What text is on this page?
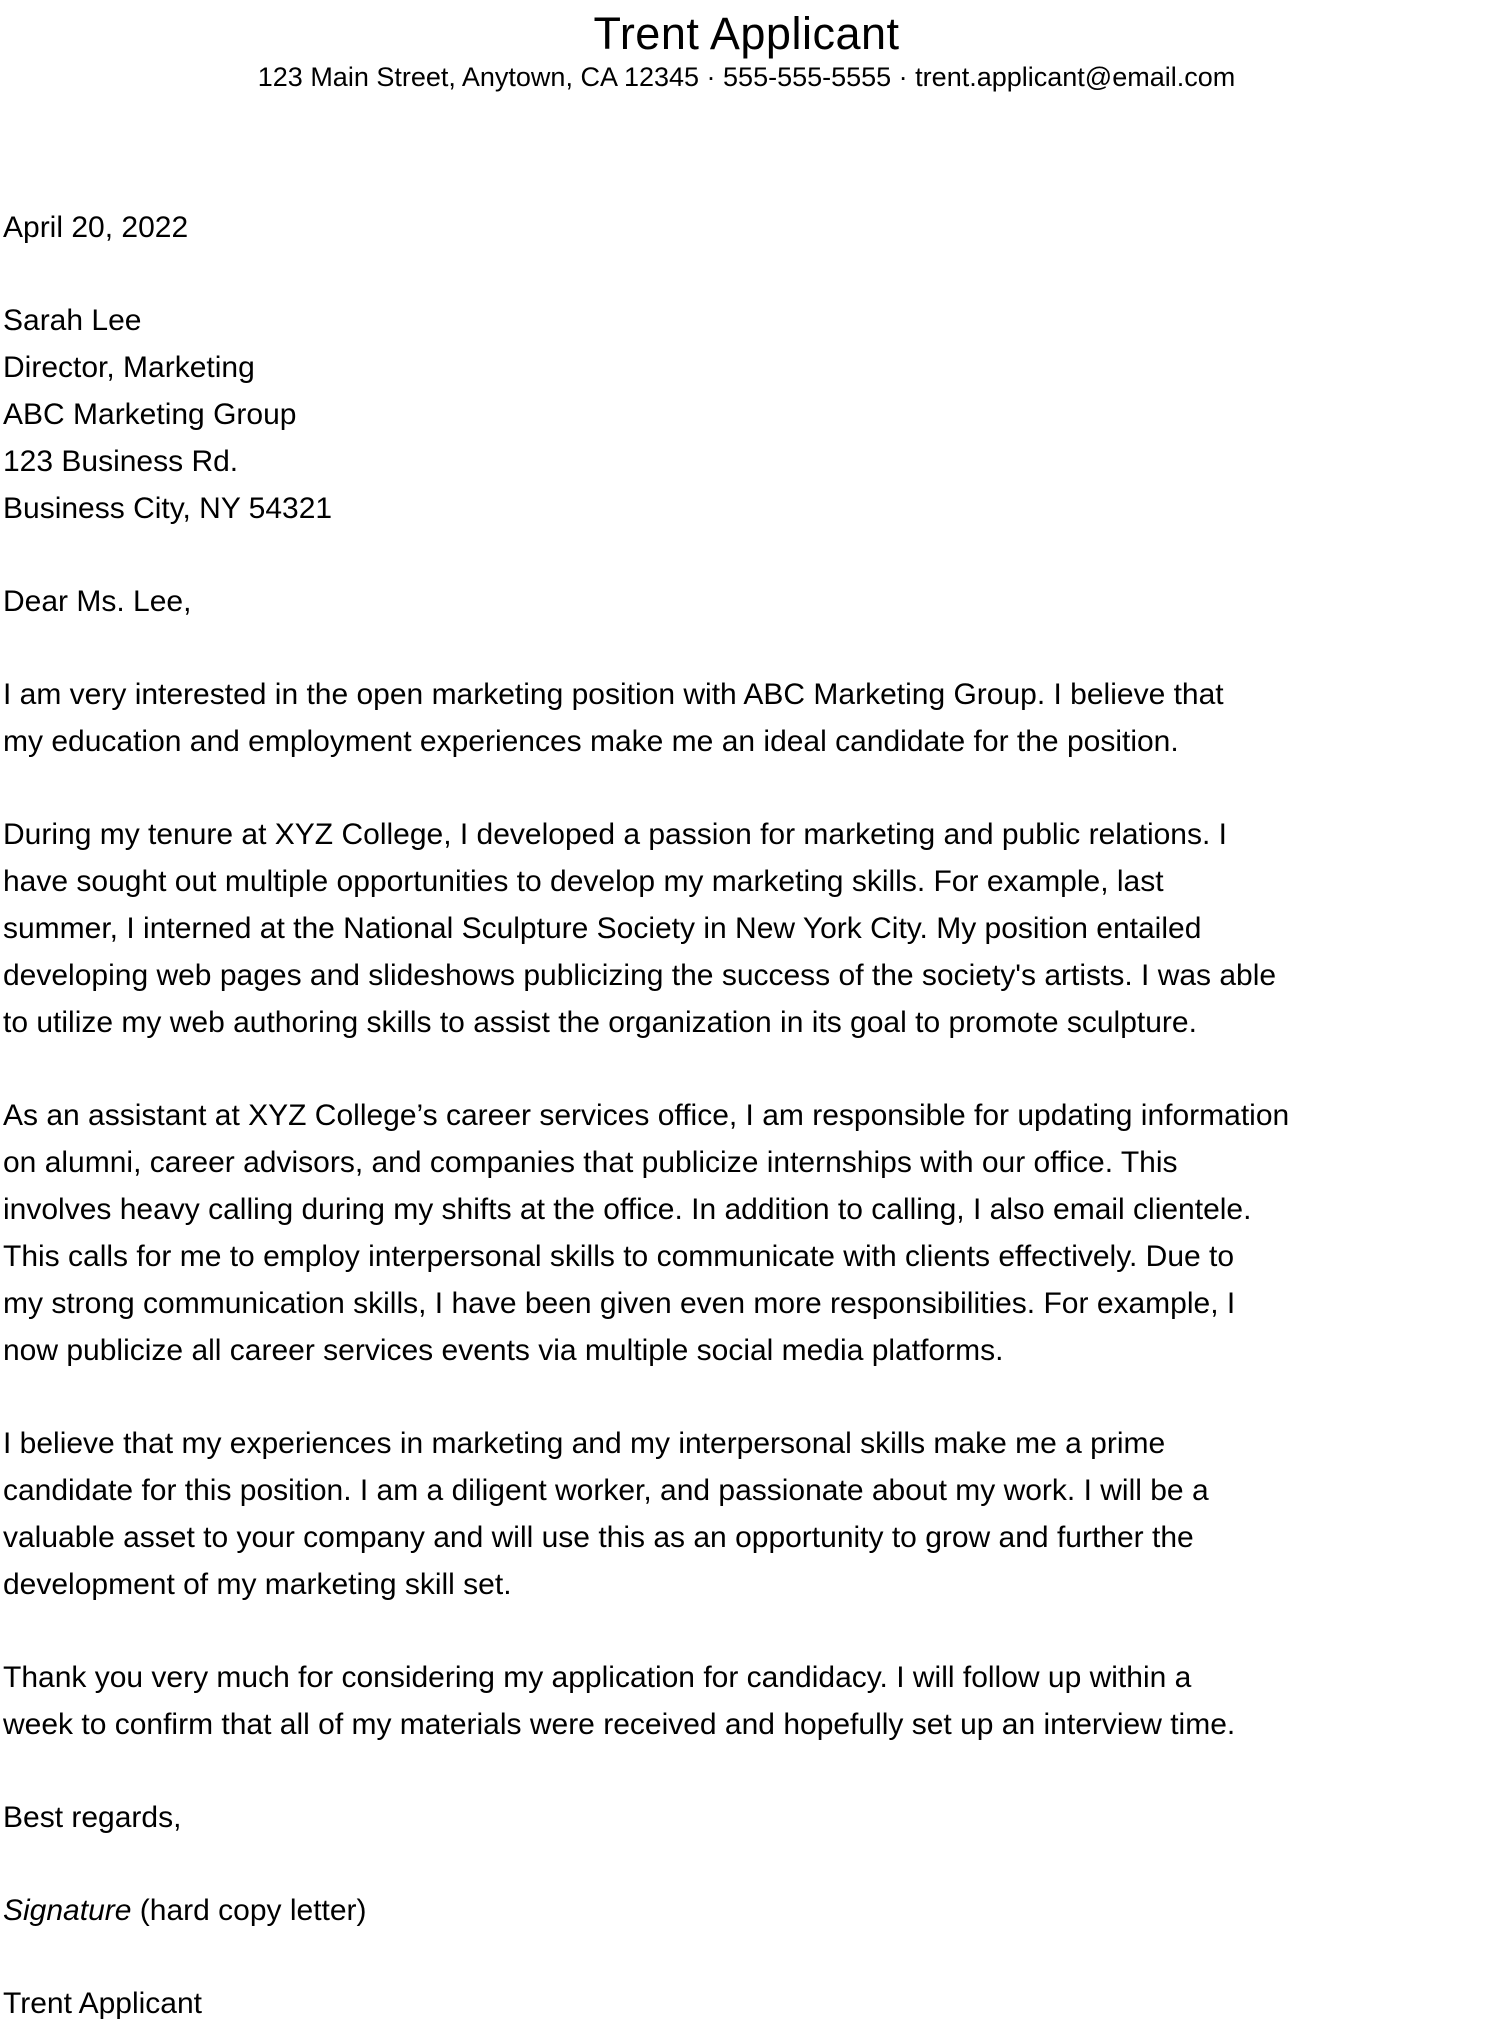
Trent Applicant
123 Main Street, Anytown, CA 12345 · 555-555-5555 · trent.applicant@email.com
April 20, 2022
Sarah Lee
Director, Marketing
ABC Marketing Group
123 Business Rd.
Business City, NY 54321
Dear Ms. Lee,
I am very interested in the open marketing position with ABC Marketing Group. I believe that
my education and employment experiences make me an ideal candidate for the position.
During my tenure at XYZ College, I developed a passion for marketing and public relations. I
have sought out multiple opportunities to develop my marketing skills. For example, last
summer, I interned at the National Sculpture Society in New York City. My position entailed
developing web pages and slideshows publicizing the success of the society's artists. I was able
to utilize my web authoring skills to assist the organization in its goal to promote sculpture.
As an assistant at XYZ College’s career services office, I am responsible for updating information
on alumni, career advisors, and companies that publicize internships with our office. This
involves heavy calling during my shifts at the office. In addition to calling, I also email clientele.
This calls for me to employ interpersonal skills to communicate with clients effectively. Due to
my strong communication skills, I have been given even more responsibilities. For example, I
now publicize all career services events via multiple social media platforms.
I believe that my experiences in marketing and my interpersonal skills make me a prime
candidate for this position. I am a diligent worker, and passionate about my work. I will be a
valuable asset to your company and will use this as an opportunity to grow and further the
development of my marketing skill set.
Thank you very much for considering my application for candidacy. I will follow up within a
week to confirm that all of my materials were received and hopefully set up an interview time.
Best regards,
Signature (hard copy letter)
Trent Applicant
